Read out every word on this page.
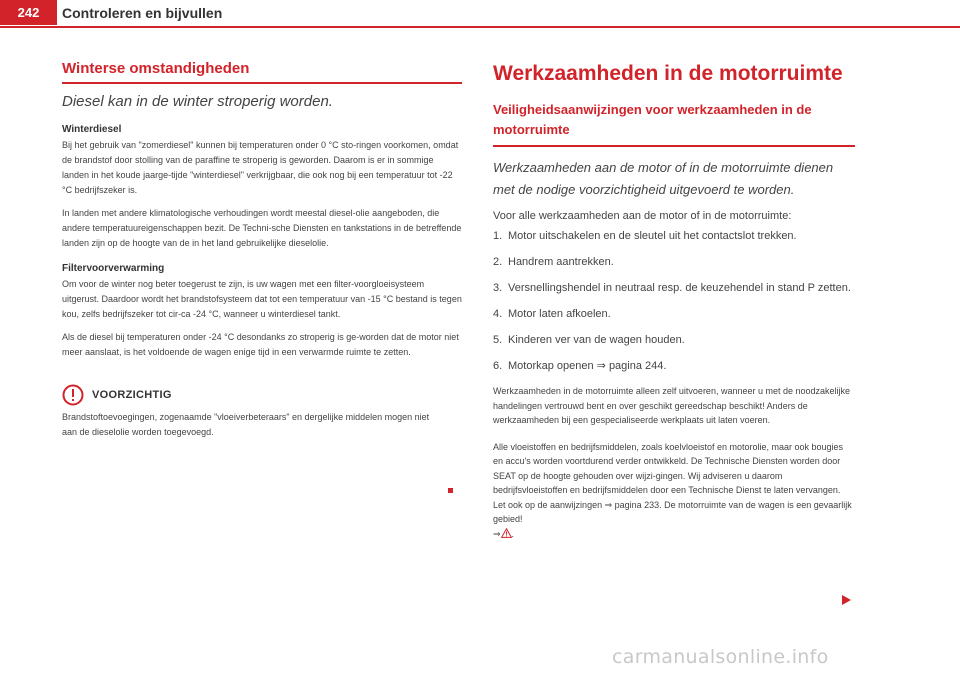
242	Controleren en bijvullen
Winterse omstandigheden

Diesel kan in de winter stroperig worden.

Winterdiesel

Bij het gebruik van "zomerdiesel" kunnen bij temperaturen onder 0 °C sto-ringen voorkomen, omdat de brandstof door stolling van de paraffine te stroperig is geworden. Daarom is er in sommige landen in het koude jaarge-tijde "winterdiesel" verkrijgbaar, die ook nog bij een temperatuur tot -22 °C bedrijfszeker is.

In landen met andere klimatologische verhoudingen wordt meestal diesel-olie aangeboden, die andere temperatuureigenschappen bezit. De Techni-sche Diensten en tankstations in de betreffende landen zijn op de hoogte van de in het land gebruikelijke dieselolie.

Filtervoorverwarming

Om voor de winter nog beter toegerust te zijn, is uw wagen met een filter-voorgloeisysteem uitgerust. Daardoor wordt het brandstofsysteem dat tot een temperatuur van -15 °C bestand is tegen kou, zelfs bedrijfszeker tot cir-ca -24 °C, wanneer u winterdiesel tankt.

Als de diesel bij temperaturen onder -24 °C desondanks zo stroperig is ge-worden dat de motor niet meer aanslaat, is het voldoende de wagen enige tijd in een verwarmde ruimte te zetten.

VOORZICHTIG

Brandstoftoevoegingen, zogenaamde "vloeiverbeteraars" en dergelijke middelen mogen niet aan de dieselolie worden toegevoegd.

Werkzaamheden in de motorruimte
Veiligheidsaanwijzingen voor werkzaamheden in de motorruimte

Werkzaamheden aan de motor of in de motorruimte dienen met de nodige voorzichtigheid uitgevoerd te worden.

Voor alle werkzaamheden aan de motor of in de motorruimte:

1. Motor uitschakelen en de sleutel uit het contactslot trekken.
2. Handrem aantrekken.
3. Versnellingshendel in neutraal resp. de keuzehendel in stand P zetten.
4. Motor laten afkoelen.
5. Kinderen ver van de wagen houden.
6. Motorkap openen ⇒ pagina 244.

Werkzaamheden in de motorruimte alleen zelf uitvoeren, wanneer u met de noodzakelijke handelingen vertrouwd bent en over geschikt gereedschap beschikt! Anders de werkzaamheden bij een gespecialiseerde werkplaats uit laten voeren.

Alle vloeistoffen en bedrijfsmiddelen, zoals koelvloeistof en motorolie, maar ook bougies en accu's worden voortdurend verder ontwikkeld. De Technische Diensten worden door SEAT op de hoogte gehouden over wijzi-gingen. Wij adviseren u daarom bedrijfsvloeistoffen en bedrijfsmiddelen door een Technische Dienst te laten vervangen. Let ook op de aanwijzingen ⇒ pagina 233. De motorruimte van de wagen is een gevaarlijk gebied!
⇒ .

carmanualsonline.info
